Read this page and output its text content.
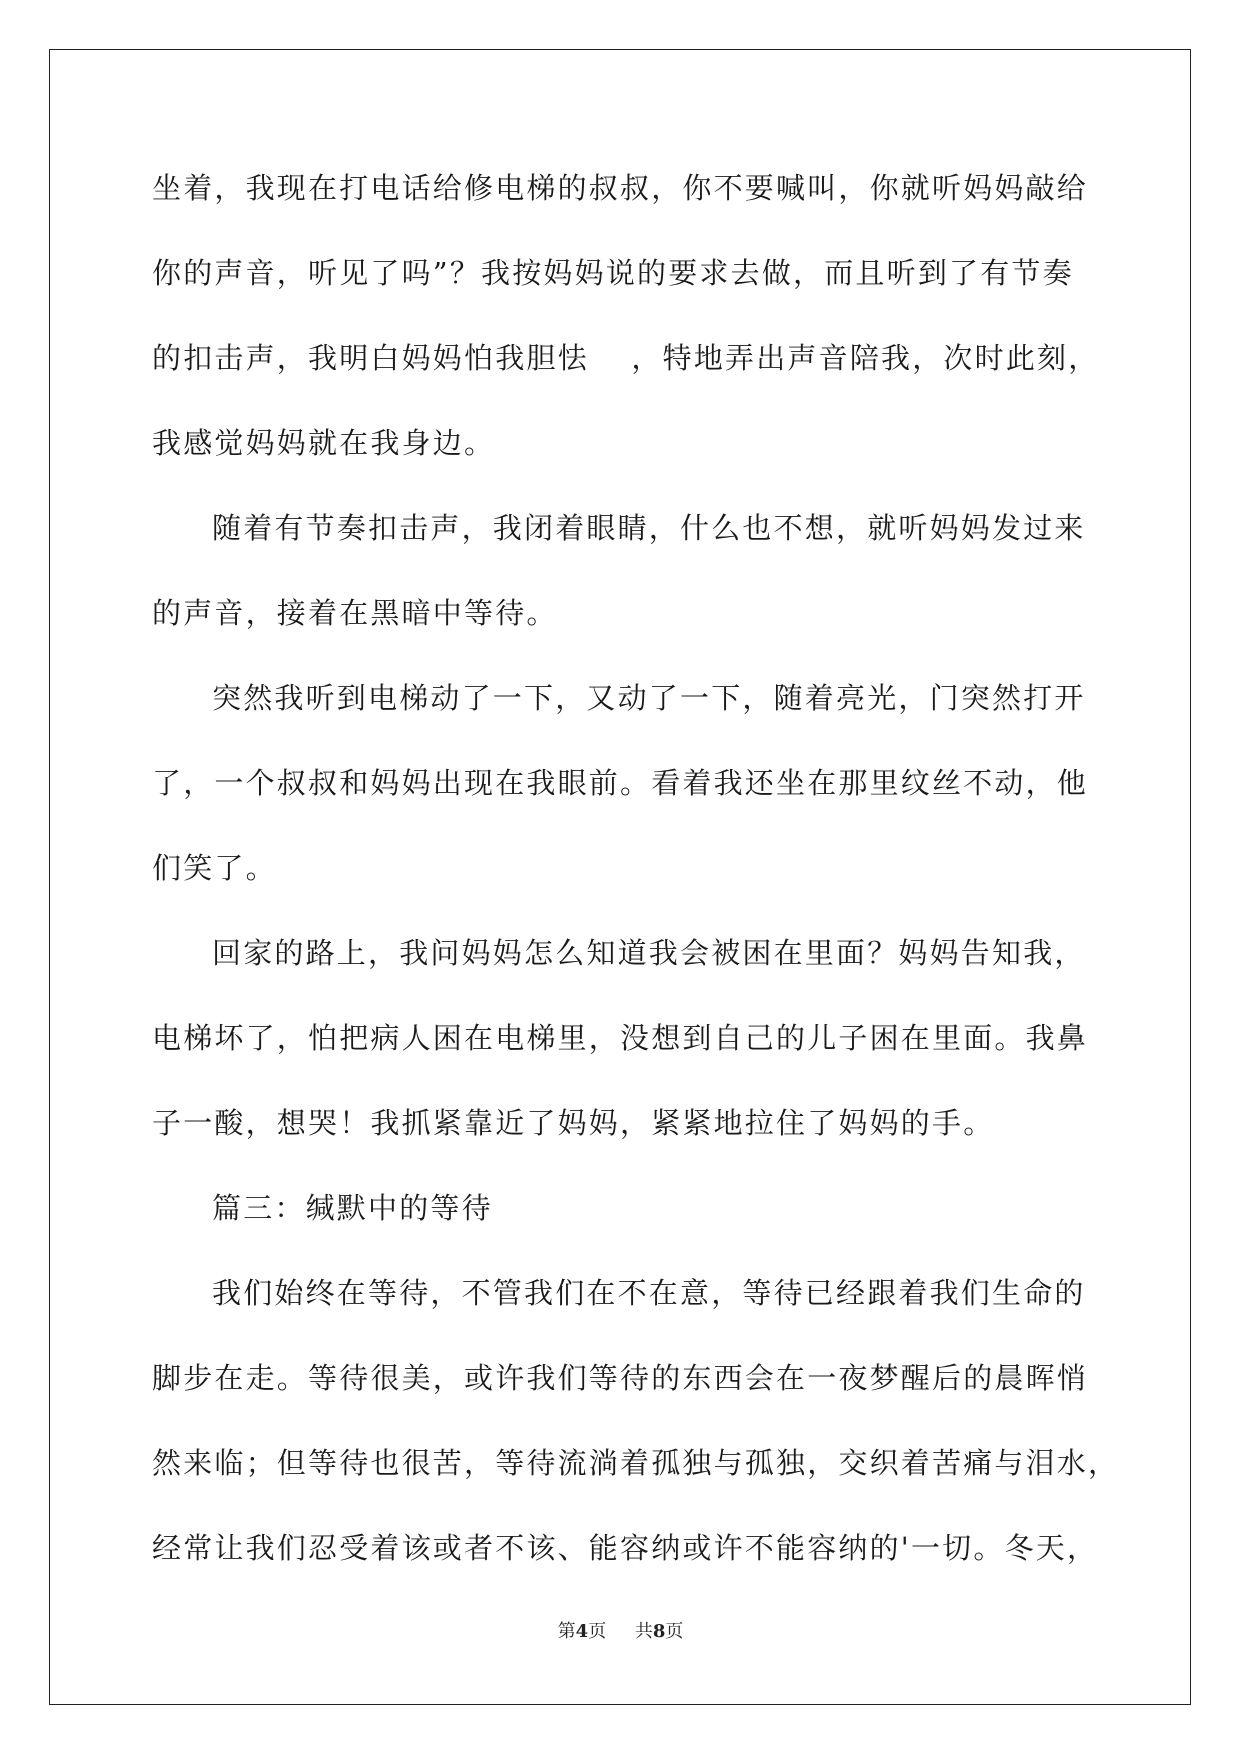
坐着，我现在打电话给修电梯的叔叔，你不要喊叫，你就听妈妈敲给
你的声音，听见了吗”？我按妈妈说的要求去做，而且听到了有节奏
的扣击声，我明白妈妈怕我胆怯　 ，特地弄出声音陪我，次时此刻，
我感觉妈妈就在我身边。
随着有节奏扣击声，我闭着眼睛，什么也不想，就听妈妈发过来
的声音，接着在黑暗中等待。
突然我听到电梯动了一下，又动了一下，随着亮光，门突然打开
了，一个叔叔和妈妈出现在我眼前。看着我还坐在那里纹丝不动，他
们笑了。
回家的路上，我问妈妈怎么知道我会被困在里面？妈妈告知我，
电梯坏了，怕把病人困在电梯里，没想到自己的儿子困在里面。我鼻
子一酸，想哭！我抓紧靠近了妈妈，紧紧地拉住了妈妈的手。
篇三：缄默中的等待
我们始终在等待，不管我们在不在意，等待已经跟着我们生命的
脚步在走。等待很美，或许我们等待的东西会在一夜梦醒后的晨晖悄
然来临；但等待也很苦，等待流淌着孤独与孤独，交织着苦痛与泪水，
经常让我们忍受着该或者不该、能容纳或许不能容纳的'一切。冬天，
第4页 共8页
